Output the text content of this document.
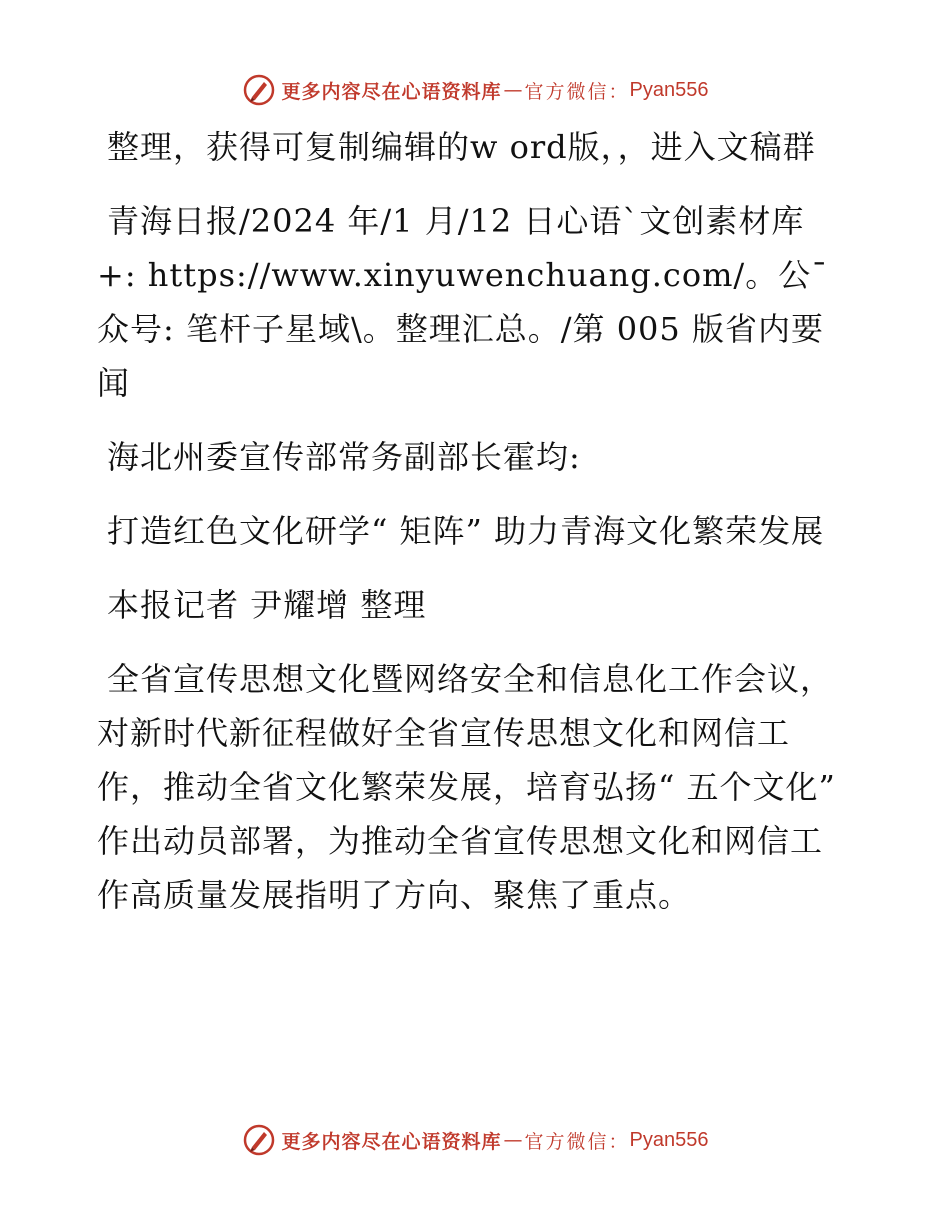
更多内容尽在心语资料库 — 官方微信： Pyan556

整理，获得可复制编辑的w ord版，，进入文稿群

青海日报/2024 年/1 月/12 日心语ˋ文创素材库+: https://www.xinyuwenchuang.com/。公¯众号: 笔杆子星域\。整理汇总。/第 005 版省内要闻

海北州委宣传部常务副部长霍均:

打造红色文化研学“ 矩阵” 助力青海文化繁荣发展

本报记者 尹耀增 整理

全省宣传思想文化暨网络安全和信息化工作会议，对新时代新征程做好全省宣传思想文化和网信工作，推动全省文化繁荣发展，培育弘扬“ 五个文化” 作出动员部署，为推动全省宣传思想文化和网信工作高质量发展指明了方向、聚焦了重点。

更多内容尽在心语资料库 — 官方微信： Pyan556
